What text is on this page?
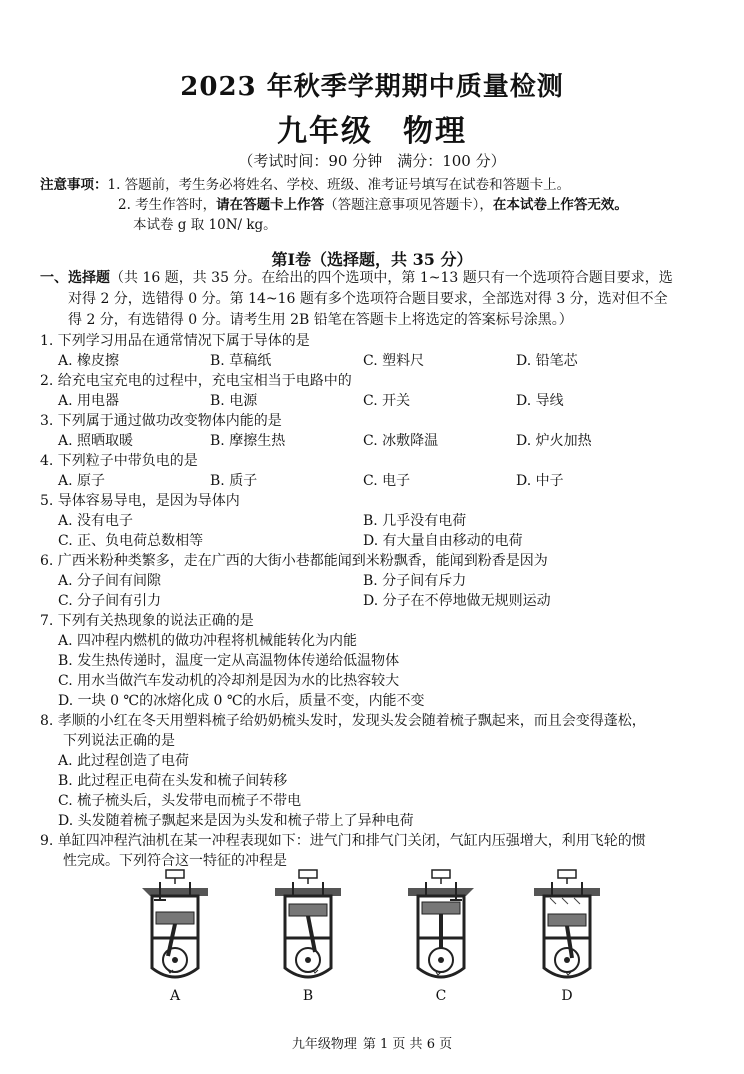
2023 年秋季学期期中质量检测
九年级 物理
（考试时间：90 分钟　满分：100 分）
注意事项：1. 答题前，考生务必将姓名、学校、班级、准考证号填写在试卷和答题卡上。
2. 考生作答时，请在答题卡上作答（答题注意事项见答题卡），在本试卷上作答无效。
本试卷 g 取 10N/ kg。
第Ⅰ卷（选择题，共 35 分）
一、选择题（共 16 题，共 35 分。在给出的四个选项中，第 1~13 题只有一个选项符合题目要求，选
对得 2 分，选错得 0 分。第 14~16 题有多个选项符合题目要求，全部选对得 3 分，选对但不全
得 2 分，有选错得 0 分。请考生用 2B 铅笔在答题卡上将选定的答案标号涂黑。）
1. 下列学习用品在通常情况下属于导体的是
A. 橡皮擦	B. 草稿纸	C. 塑料尺	D. 铅笔芯
2. 给充电宝充电的过程中，充电宝相当于电路中的
A. 用电器	B. 电源	C. 开关	D. 导线
3. 下列属于通过做功改变物体内能的是
A. 照晒取暖	B. 摩擦生热	C. 冰敷降温	D. 炉火加热
4. 下列粒子中带负电的是
A. 原子	B. 质子	C. 电子	D. 中子
5. 导体容易导电，是因为导体内
A. 没有电子	B. 几乎没有电荷
C. 正、负电荷总数相等	D. 有大量自由移动的电荷
6. 广西米粉种类繁多，走在广西的大街小巷都能闻到米粉飘香，能闻到粉香是因为
A. 分子间有间隙	B. 分子间有斥力
C. 分子间有引力	D. 分子在不停地做无规则运动
7. 下列有关热现象的说法正确的是
A. 四冲程内燃机的做功冲程将机械能转化为内能
B. 发生热传递时，温度一定从高温物体传递给低温物体
C. 用水当做汽车发动机的冷却剂是因为水的比热容较大
D. 一块 0 ℃的冰熔化成 0 ℃的水后，质量不变，内能不变
8. 孝顺的小红在冬天用塑料梳子给奶奶梳头发时，发现头发会随着梳子飘起来，而且会变得蓬松，
下列说法正确的是
A. 此过程创造了电荷
B. 此过程正电荷在头发和梳子间转移
C. 梳子梳头后，头发带电而梳子不带电
D. 头发随着梳子飘起来是因为头发和梳子带上了异种电荷
9. 单缸四冲程汽油机在某一冲程表现如下：进气门和排气门关闭，气缸内压强增大，利用飞轮的惯
性完成。下列符合这一特征的冲程是
A	B	C	D
九年级物理 第 1 页 共 6 页
